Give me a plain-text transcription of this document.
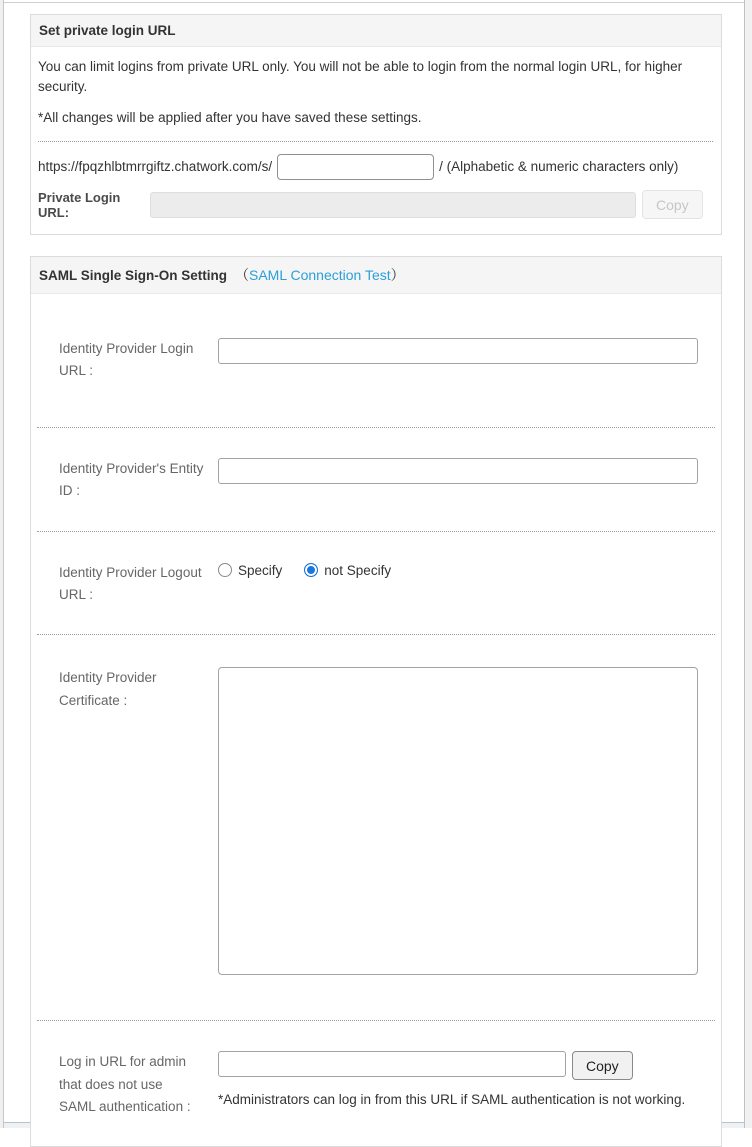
Set private login URL

You can limit logins from private URL only. You will not be able to login from the normal login URL, for higher security.

*All changes will be applied after you have saved these settings.

https://fpqzhlbtmrrgiftz.chatwork.com/s/	/ (Alphabetic & numeric characters only)
Private Login URL:	Copy
SAML Single Sign-On Setting （SAML Connection Test）
Identity Provider Login URL :
Identity Provider's Entity ID :
Identity Provider Logout URL :
Specify	not Specify
Identity Provider Certificate :
Log in URL for admin that does not use SAML authentication :
Copy
*Administrators can log in from this URL if SAML authentication is not working.
